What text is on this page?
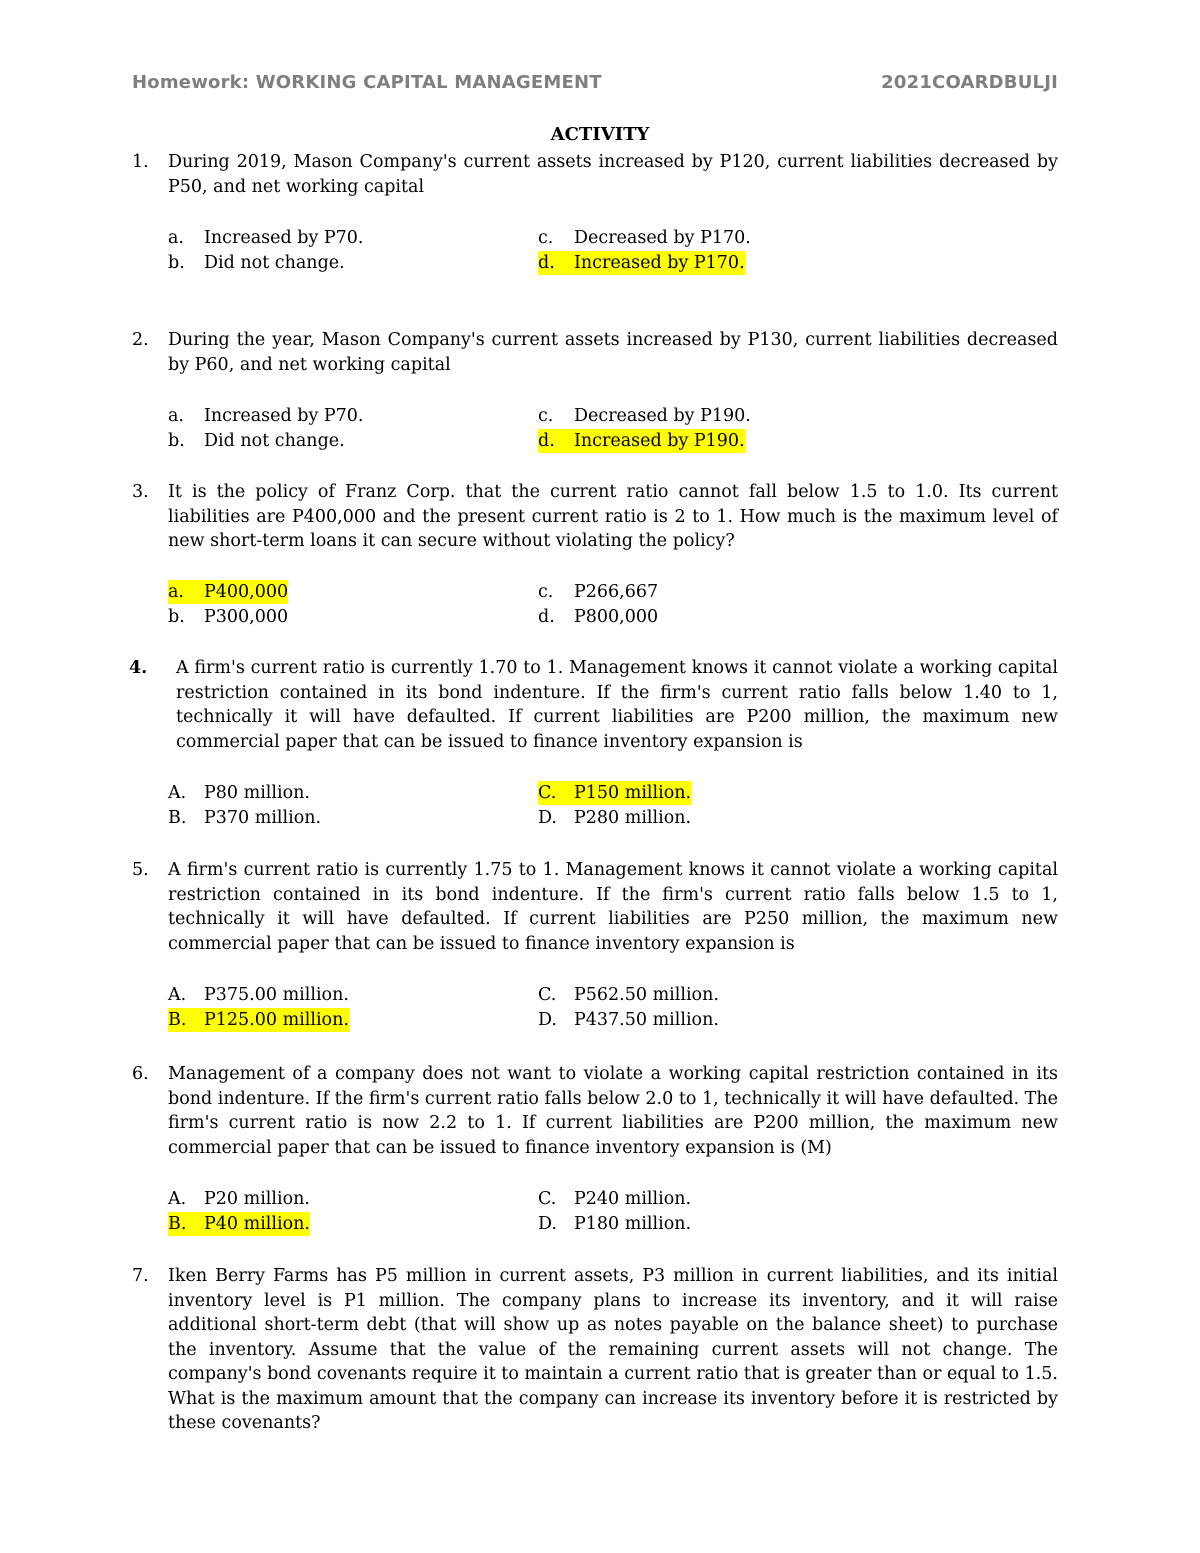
Homework: WORKING CAPITAL MANAGEMENT	2021COARDBULJI
ACTIVITY
1. During 2019, Mason Company's current assets increased by P120, current liabilities decreased by P50, and net working capital
a. Increased by P70.
b. Did not change.
c. Decreased by P170.
d. Increased by P170.
2. During the year, Mason Company's current assets increased by P130, current liabilities decreased by P60, and net working capital
a. Increased by P70.
b. Did not change.
c. Decreased by P190.
d. Increased by P190.
3. It is the policy of Franz Corp. that the current ratio cannot fall below 1.5 to 1.0. Its current liabilities are P400,000 and the present current ratio is 2 to 1. How much is the maximum level of new short-term loans it can secure without violating the policy?
a. P400,000
b. P300,000
c. P266,667
d. P800,000
4. A firm's current ratio is currently 1.70 to 1. Management knows it cannot violate a working capital restriction contained in its bond indenture. If the firm's current ratio falls below 1.40 to 1, technically it will have defaulted. If current liabilities are P200 million, the maximum new commercial paper that can be issued to finance inventory expansion is
A. P80 million.
B. P370 million.
C. P150 million.
D. P280 million.
5. A firm's current ratio is currently 1.75 to 1. Management knows it cannot violate a working capital restriction contained in its bond indenture. If the firm's current ratio falls below 1.5 to 1, technically it will have defaulted. If current liabilities are P250 million, the maximum new commercial paper that can be issued to finance inventory expansion is
A. P375.00 million.
B. P125.00 million.
C. P562.50 million.
D. P437.50 million.
6. Management of a company does not want to violate a working capital restriction contained in its bond indenture. If the firm's current ratio falls below 2.0 to 1, technically it will have defaulted. The firm's current ratio is now 2.2 to 1. If current liabilities are P200 million, the maximum new commercial paper that can be issued to finance inventory expansion is (M)
A. P20 million.
B. P40 million.
C. P240 million.
D. P180 million.
7. Iken Berry Farms has P5 million in current assets, P3 million in current liabilities, and its initial inventory level is P1 million. The company plans to increase its inventory, and it will raise additional short-term debt (that will show up as notes payable on the balance sheet) to purchase the inventory. Assume that the value of the remaining current assets will not change. The company's bond covenants require it to maintain a current ratio that is greater than or equal to 1.5. What is the maximum amount that the company can increase its inventory before it is restricted by these covenants?
